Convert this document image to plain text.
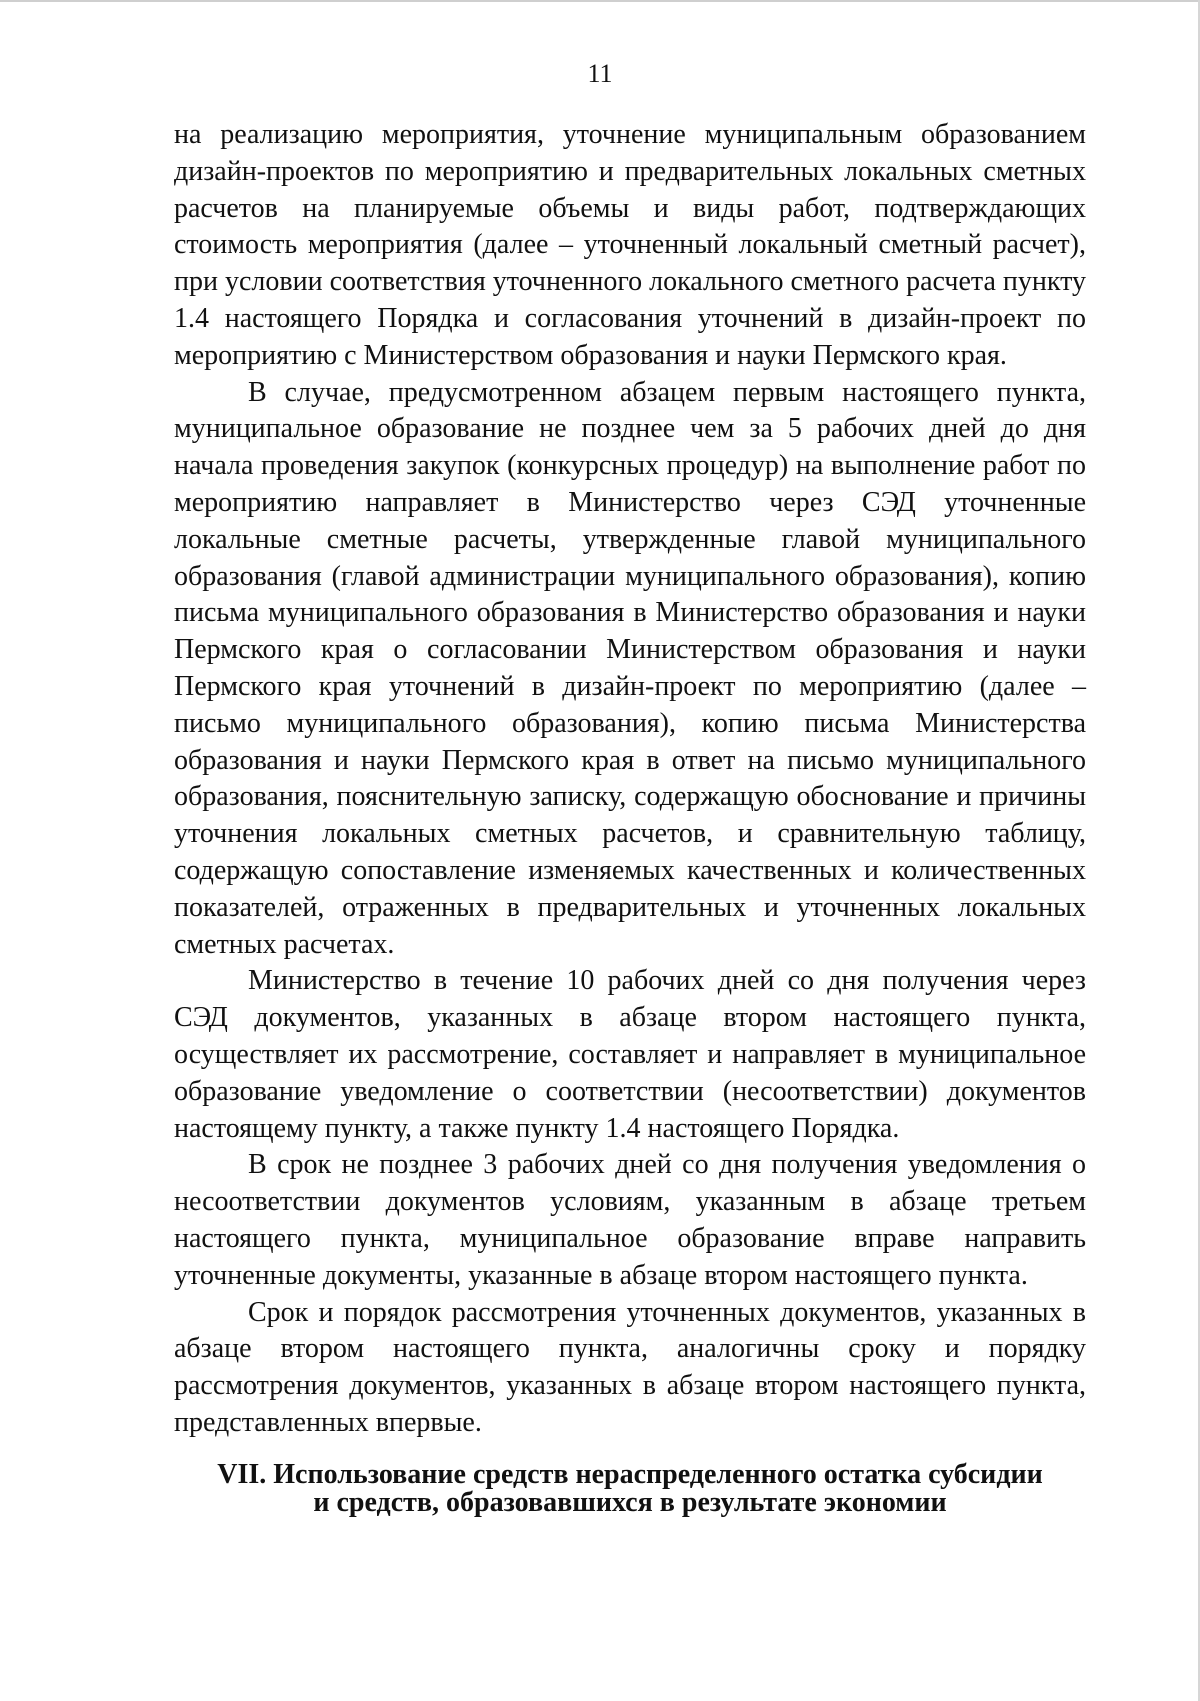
11

на реализацию мероприятия, уточнение муниципальным образованием дизайн-проектов по мероприятию и предварительных локальных сметных расчетов на планируемые объемы и виды работ, подтверждающих стоимость мероприятия (далее – уточненный локальный сметный расчет), при условии соответствия уточненного локального сметного расчета пункту 1.4 настоящего Порядка и согласования уточнений в дизайн-проект по мероприятию с Министерством образования и науки Пермского края.

В случае, предусмотренном абзацем первым настоящего пункта, муниципальное образование не позднее чем за 5 рабочих дней до дня начала проведения закупок (конкурсных процедур) на выполнение работ по мероприятию направляет в Министерство через СЭД уточненные локальные сметные расчеты, утвержденные главой муниципального образования (главой администрации муниципального образования), копию письма муниципального образования в Министерство образования и науки Пермского края о согласовании Министерством образования и науки Пермского края уточнений в дизайн-проект по мероприятию (далее – письмо муниципального образования), копию письма Министерства образования и науки Пермского края в ответ на письмо муниципального образования, пояснительную записку, содержащую обоснование и причины уточнения локальных сметных расчетов, и сравнительную таблицу, содержащую сопоставление изменяемых качественных и количественных показателей, отраженных в предварительных и уточненных локальных сметных расчетах.

Министерство в течение 10 рабочих дней со дня получения через СЭД документов, указанных в абзаце втором настоящего пункта, осуществляет их рассмотрение, составляет и направляет в муниципальное образование уведомление о соответствии (несоответствии) документов настоящему пункту, а также пункту 1.4 настоящего Порядка.

В срок не позднее 3 рабочих дней со дня получения уведомления о несоответствии документов условиям, указанным в абзаце третьем настоящего пункта, муниципальное образование вправе направить уточненные документы, указанные в абзаце втором настоящего пункта.

Срок и порядок рассмотрения уточненных документов, указанных в абзаце втором настоящего пункта, аналогичны сроку и порядку рассмотрения документов, указанных в абзаце втором настоящего пункта, представленных впервые.

VII. Использование средств нераспределенного остатка субсидии
и средств, образовавшихся в результате экономии
